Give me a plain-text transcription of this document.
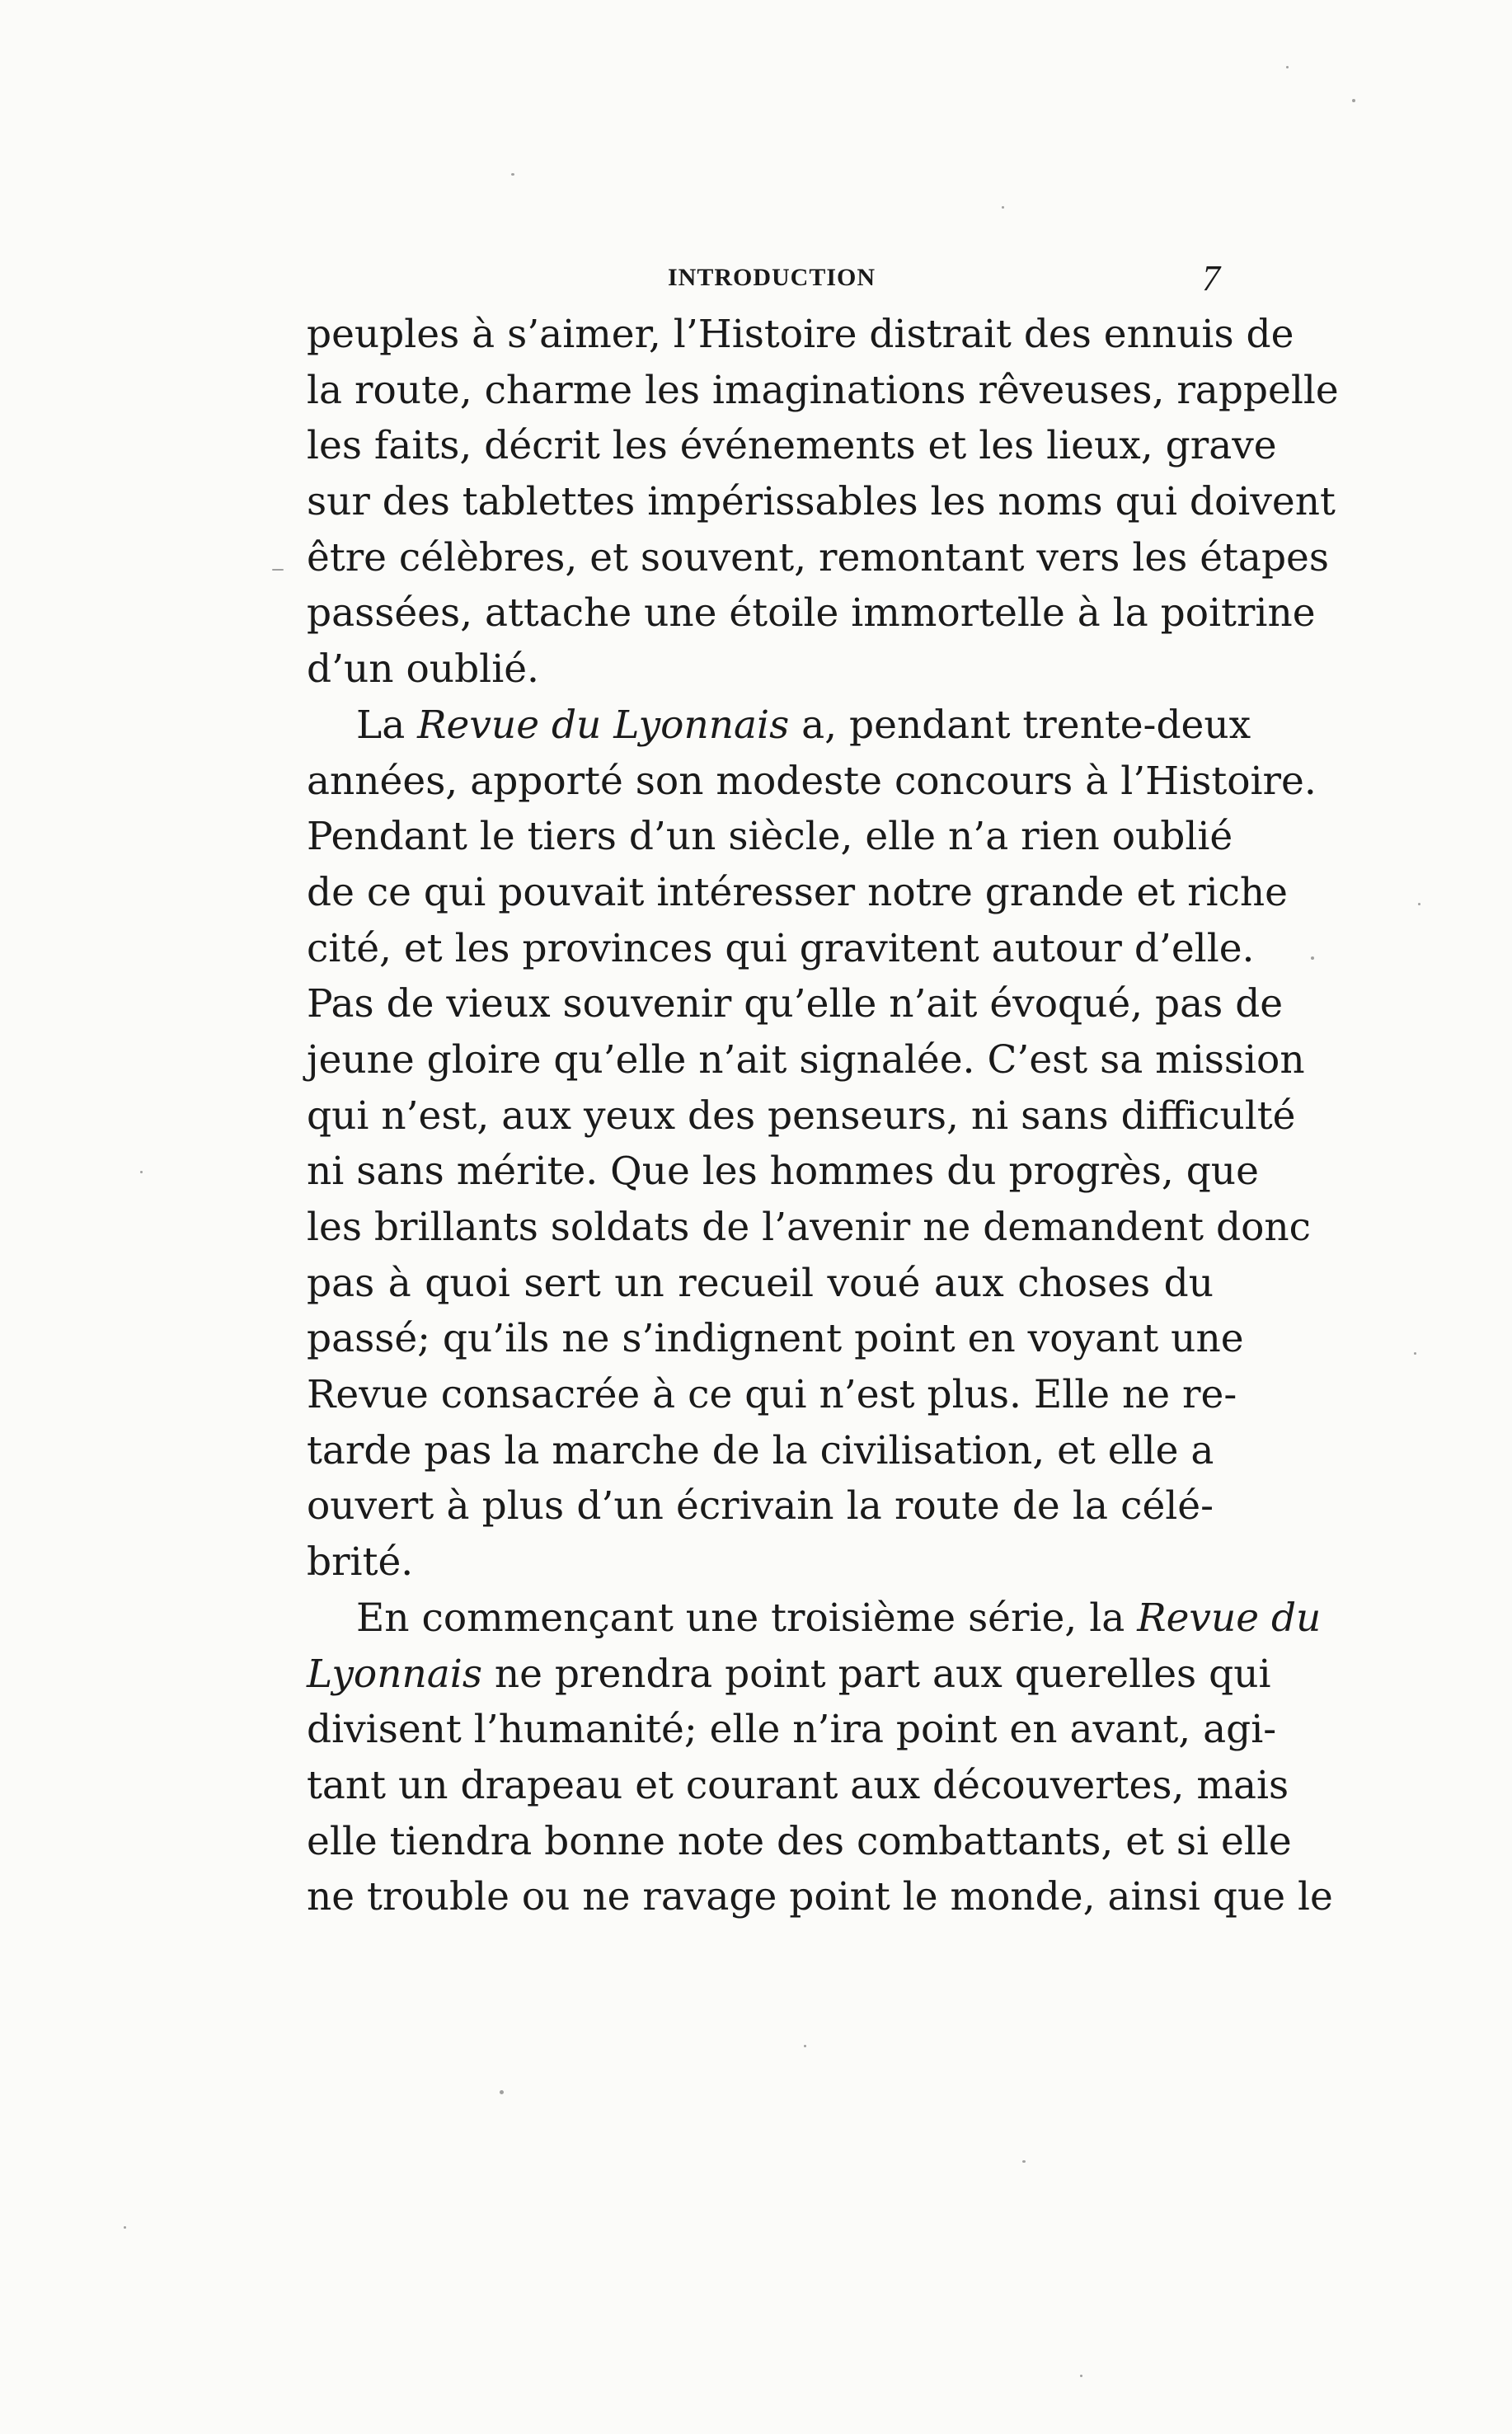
INTRODUCTION	7
peuples à s’aimer, l’Histoire distrait des ennuis de
la route, charme les imaginations rêveuses, rappelle
les faits, décrit les événements et les lieux, grave
sur des tablettes impérissables les noms qui doivent
être célèbres, et souvent, remontant vers les étapes
passées, attache une étoile immortelle à la poitrine
d’un oublié.
La Revue du Lyonnais a, pendant trente-deux
années, apporté son modeste concours à l’Histoire.
Pendant le tiers d’un siècle, elle n’a rien oublié
de ce qui pouvait intéresser notre grande et riche
cité, et les provinces qui gravitent autour d’elle.
Pas de vieux souvenir qu’elle n’ait évoqué, pas de
jeune gloire qu’elle n’ait signalée. C’est sa mission
qui n’est, aux yeux des penseurs, ni sans difficulté
ni sans mérite. Que les hommes du progrès, que
les brillants soldats de l’avenir ne demandent donc
pas à quoi sert un recueil voué aux choses du
passé; qu’ils ne s’indignent point en voyant une
Revue consacrée à ce qui n’est plus. Elle ne re-
tarde pas la marche de la civilisation, et elle a
ouvert à plus d’un écrivain la route de la célé-
brité.
En commençant une troisième série, la Revue du
Lyonnais ne prendra point part aux querelles qui
divisent l’humanité; elle n’ira point en avant, agi-
tant un drapeau et courant aux découvertes, mais
elle tiendra bonne note des combattants, et si elle
ne trouble ou ne ravage point le monde, ainsi que le
